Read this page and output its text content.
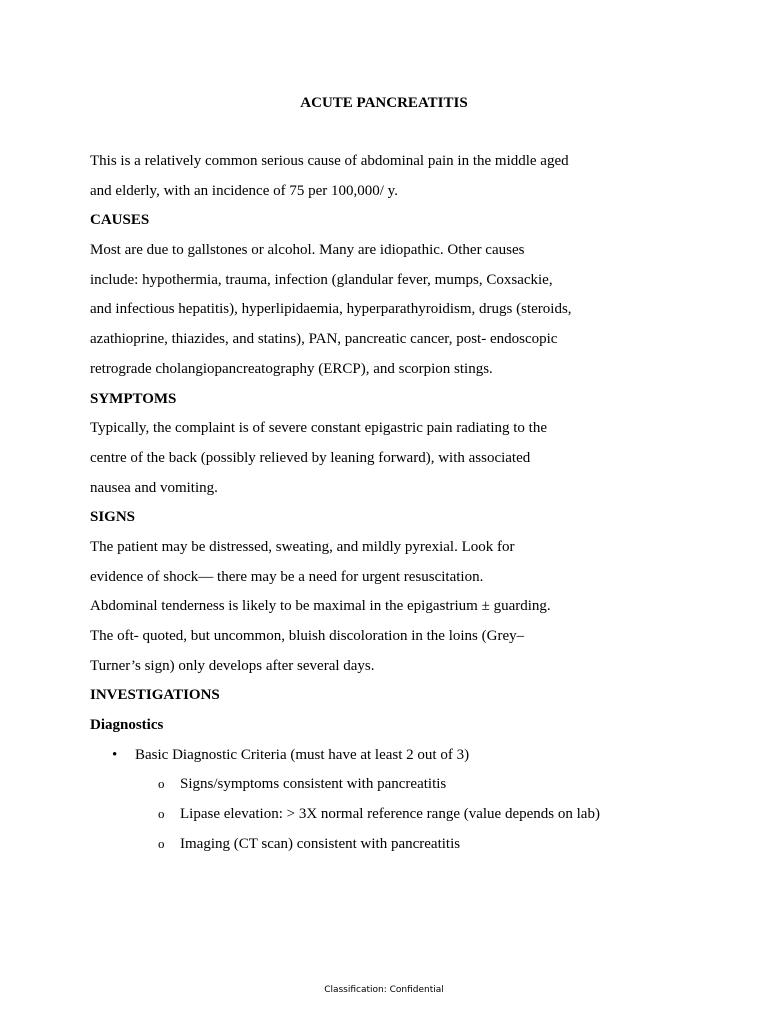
ACUTE PANCREATITIS
This is a relatively common serious cause of abdominal pain in the middle aged
and elderly, with an incidence of 75 per 100,000/ y.
CAUSES
Most are due to gallstones or alcohol. Many are idiopathic. Other causes
include: hypothermia, trauma, infection (glandular fever, mumps, Coxsackie,
and infectious hepatitis), hyperlipidaemia, hyperparathyroidism, drugs (steroids,
azathioprine, thiazides, and statins), PAN, pancreatic cancer, post- endoscopic
retrograde cholangiopancreatography (ERCP), and scorpion stings.
SYMPTOMS
Typically, the complaint is of severe constant epigastric pain radiating to the
centre of the back (possibly relieved by leaning forward), with associated
nausea and vomiting.
SIGNS
The patient may be distressed, sweating, and mildly pyrexial. Look for
evidence of shock— there may be a need for urgent resuscitation.
Abdominal tenderness is likely to be maximal in the epigastrium ± guarding.
The oft- quoted, but uncommon, bluish discoloration in the loins (Grey–
Turner’s sign) only develops after several days.
INVESTIGATIONS
Diagnostics
• Basic Diagnostic Criteria (must have at least 2 out of 3)
o Signs/symptoms consistent with pancreatitis
o Lipase elevation: > 3X normal reference range (value depends on lab)
o Imaging (CT scan) consistent with pancreatitis
Classification: Confidential
